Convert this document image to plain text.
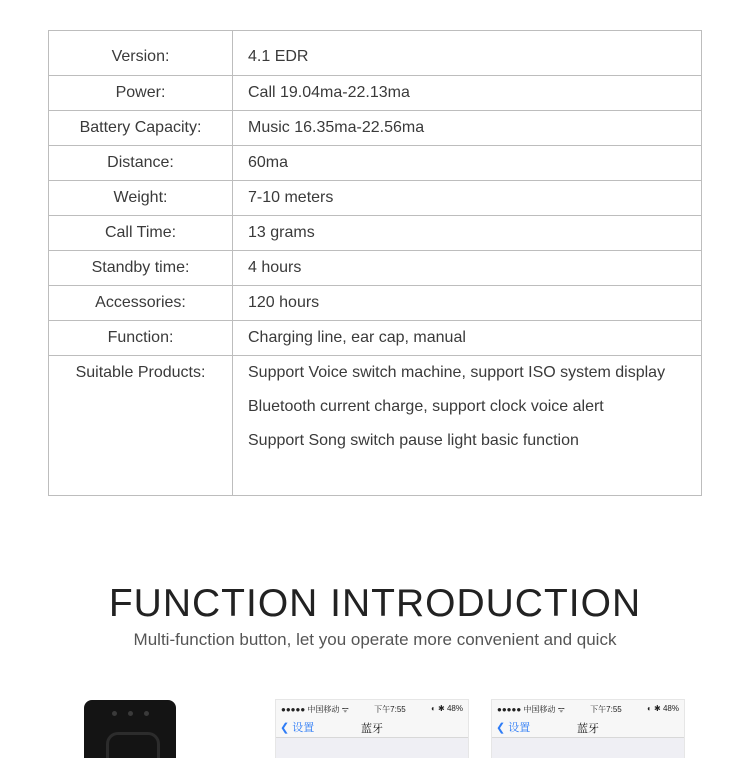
Version:	4.1 EDR

Power:	Call 19.04ma-22.13ma

Battery Capacity:	Music 16.35ma-22.56ma

Distance:	60ma

Weight:	7-10 meters

Call Time:	13 grams

Standby time:	4 hours

Accessories:	120 hours

Function:	Charging line, ear cap, manual

Suitable Products:	Support Voice switch machine, support ISO system display
Bluetooth current charge, support clock voice alert
Support Song switch pause light basic function
FUNCTION INTRODUCTION
Multi-function button, let you operate more convenient and quick
●●●●● 中国移动 ᯤ	下午7:55	◐ ✱ 48%
❮ 设置	蓝牙
●●●●● 中国移动 ᯤ	下午7:55	◐ ✱ 48%
❮ 设置	蓝牙
